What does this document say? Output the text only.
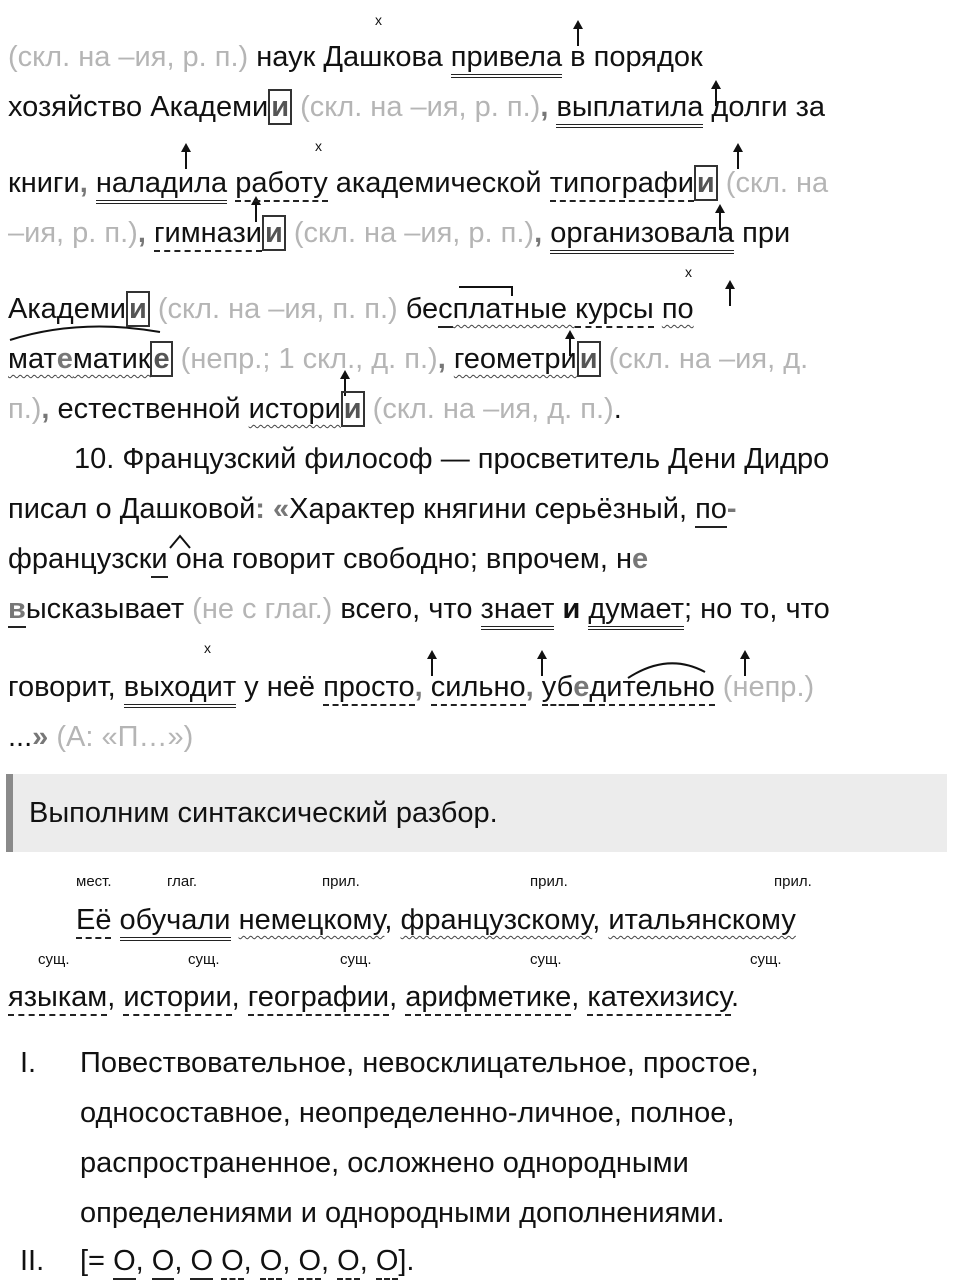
x
x
x
x
(скл. на –ия, р. п.) наук Дашкова привела в порядок
хозяйство Академи и (скл. на –ия, р. п.), выплатила долги за
книги, наладила работу академической типографи и (скл. на
–ия, р. п.), гимнази и (скл. на –ия, р. п.), организовала при
Академи и (скл. на –ия, п. п.) бесплатные курсы по
математик е (непр.; 1 скл., д. п.), геометри и (скл. на –ия, д.
п.), естественной истори и (скл. на –ия, д. п.).
10. Французский философ — просветитель Дени Дидро
писал о Дашковой: «Характер княгини серьёзный, по-
французски она говорит свободно; впрочем, не
высказывает (не с глаг.) всего, что знает и думает; но то, что
говорит, выходит у неё просто, сильно, убедительно (непр.)
...» (А: «П…»)
Выполним синтаксический разбор.
мест.	глаг.	прил.	прил.	прил.
Её обучали немецкому, французскому, итальянскому
сущ.	сущ.	сущ.	сущ.	сущ.
языкам, истории, географии, арифметике, катехизису.
I. Повествовательное, невосклицательное, простое,
односоставное, неопределенно-личное, полное,
распространенное, осложнено однородными
определениями и однородными дополнениями.
II. [= О, О, О О, О, О, О, О].
